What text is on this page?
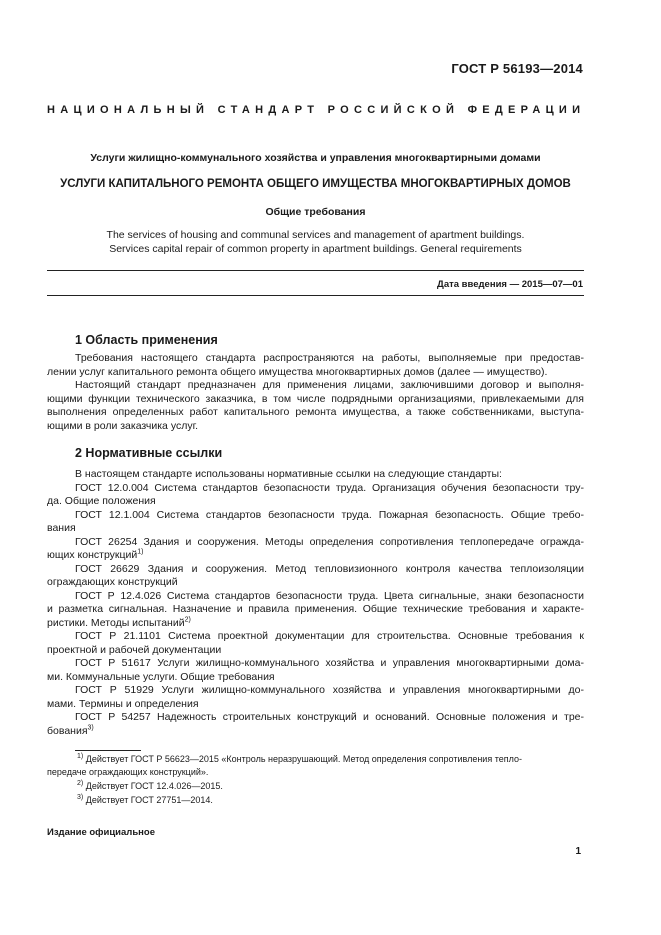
ГОСТ Р 56193—2014
НАЦИОНАЛЬНЫЙ СТАНДАРТ РОССИЙСКОЙ ФЕДЕРАЦИИ
Услуги жилищно-коммунального хозяйства и управления многоквартирными домами
УСЛУГИ КАПИТАЛЬНОГО РЕМОНТА ОБЩЕГО ИМУЩЕСТВА МНОГОКВАРТИРНЫХ ДОМОВ
Общие требования
The services of housing and communal services and management of apartment buildings.
Services capital repair of common property in apartment buildings. General requirements
Дата введения — 2015—07—01
1 Область применения
Требования настоящего стандарта распространяются на работы, выполняемые при предостав-
лении услуг капитального ремонта общего имущества многоквартирных домов (далее — имущество).
Настоящий стандарт предназначен для применения лицами, заключившими договор и выполня-
ющими функции технического заказчика, в том числе подрядными организациями, привлекаемыми для
выполнения определенных работ капитального ремонта имущества, а также собственниками, выступа-
ющими в роли заказчика услуг.
2 Нормативные ссылки
В настоящем стандарте использованы нормативные ссылки на следующие стандарты:
ГОСТ 12.0.004 Система стандартов безопасности труда. Организация обучения безопасности тру-
да. Общие положения
ГОСТ 12.1.004 Система стандартов безопасности труда. Пожарная безопасность. Общие требо-
вания
ГОСТ 26254 Здания и сооружения. Методы определения сопротивления теплопередаче огражда-
ющих конструкций$^{1)}$
ГОСТ 26629 Здания и сооружения. Метод тепловизионного контроля качества теплоизоляции
ограждающих конструкций
ГОСТ Р 12.4.026 Система стандартов безопасности труда. Цвета сигнальные, знаки безопасности
и разметка сигнальная. Назначение и правила применения. Общие технические требования и характе-
ристики. Методы испытаний$^{2)}$
ГОСТ Р 21.1101 Система проектной документации для строительства. Основные требования к
проектной и рабочей документации
ГОСТ Р 51617 Услуги жилищно-коммунального хозяйства и управления многоквартирными дома-
ми. Коммунальные услуги. Общие требования
ГОСТ Р 51929 Услуги жилищно-коммунального хозяйства и управления многоквартирными до-
мами. Термины и определения
ГОСТ Р 54257 Надежность строительных конструкций и оснований. Основные положения и тре-
бования$^{3)}$
$^{1)}$ Действует ГОСТ Р 56623—2015 «Контроль неразрушающий. Метод определения сопротивления тепло-
передаче ограждающих конструкций».
$^{2)}$ Действует ГОСТ 12.4.026—2015.
$^{3)}$ Действует ГОСТ 27751—2014.
Издание официальное
1
